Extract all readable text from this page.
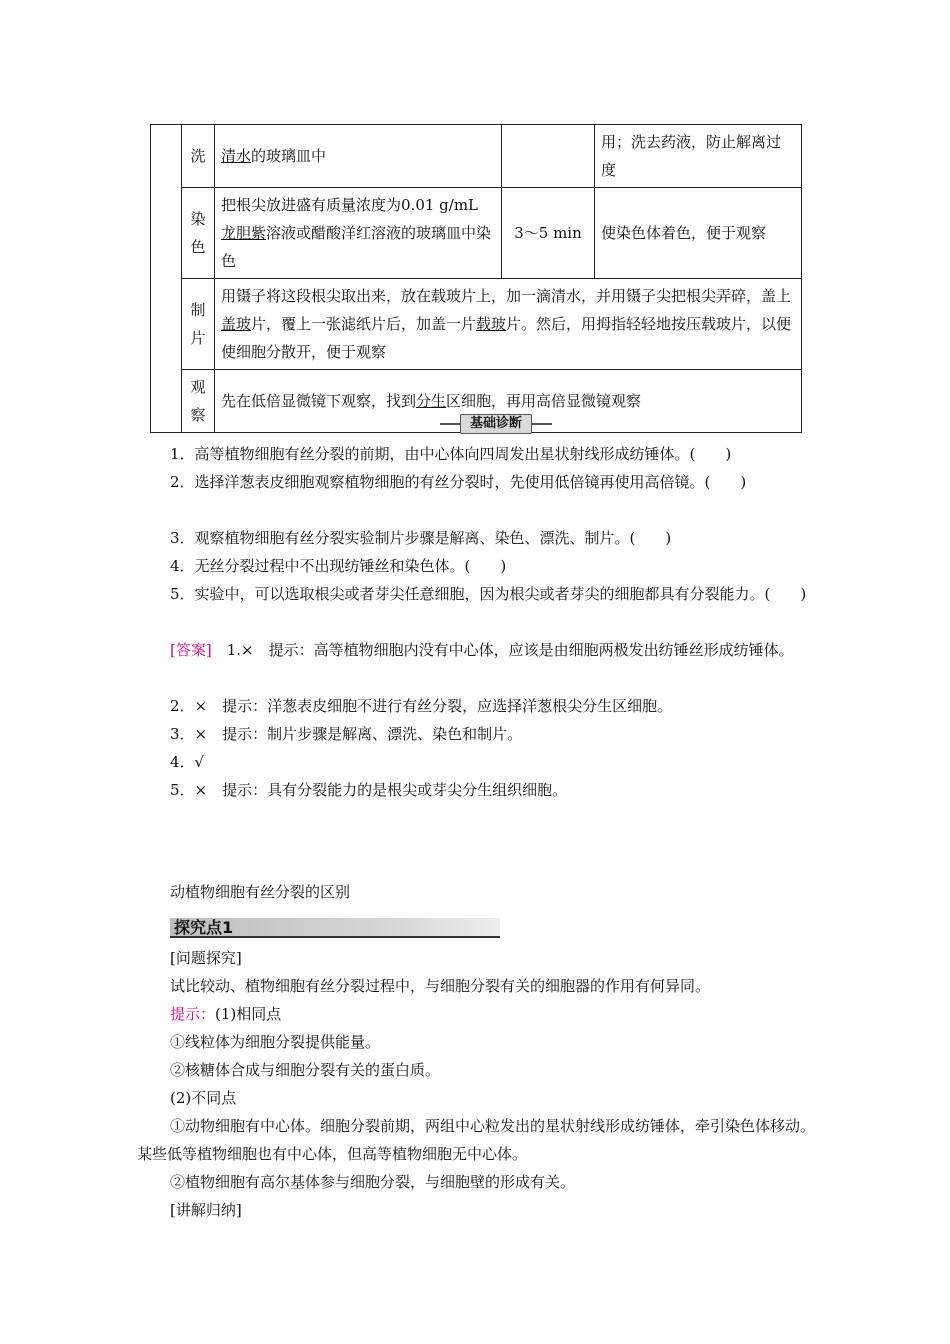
	洗	清水的玻璃皿中		用；洗去药液，防止解离过度
	染色	把根尖放进盛有质量浓度为0.01 g/mL 龙胆紫溶液或醋酸洋红溶液的玻璃皿中染色	3～5 min	使染色体着色，便于观察
	制片	用镊子将这段根尖取出来，放在载玻片上，加一滴清水，并用镊子尖把根尖弄碎，盖上盖玻片，覆上一张滤纸片后，加盖一片载玻片。然后，用拇指轻轻地按压载玻片，以便使细胞分散开，便于观察		
	观察	先在低倍显微镜下观察，找到分生区细胞，再用高倍显微镜观察		
基础诊断
1．高等植物细胞有丝分裂的前期，由中心体向四周发出星状射线形成纺锤体。(　　)
2．选择洋葱表皮细胞观察植物细胞的有丝分裂时，先使用低倍镜再使用高倍镜。(　　)
3．观察植物细胞有丝分裂实验制片步骤是解离、染色、漂洗、制片。(　　)
4．无丝分裂过程中不出现纺锤丝和染色体。(　　)
5．实验中，可以选取根尖或者芽尖任意细胞，因为根尖或者芽尖的细胞都具有分裂能力。(　　)
[答案]　1.×　提示：高等植物细胞内没有中心体，应该是由细胞两极发出纺锤丝形成纺锤体。
2．×　提示：洋葱表皮细胞不进行有丝分裂，应选择洋葱根尖分生区细胞。
3．×　提示：制片步骤是解离、漂洗、染色和制片。
4．√
5．×　提示：具有分裂能力的是根尖或芽尖分生组织细胞。
动植物细胞有丝分裂的区别
探究点1
[问题探究]
试比较动、植物细胞有丝分裂过程中，与细胞分裂有关的细胞器的作用有何异同。
提示：(1)相同点
①线粒体为细胞分裂提供能量。
②核糖体合成与细胞分裂有关的蛋白质。
(2)不同点
①动物细胞有中心体。细胞分裂前期，两组中心粒发出的星状射线形成纺锤体，牵引染色体移动。某些低等植物细胞也有中心体，但高等植物细胞无中心体。
②植物细胞有高尔基体参与细胞分裂，与细胞壁的形成有关。
[讲解归纳]
